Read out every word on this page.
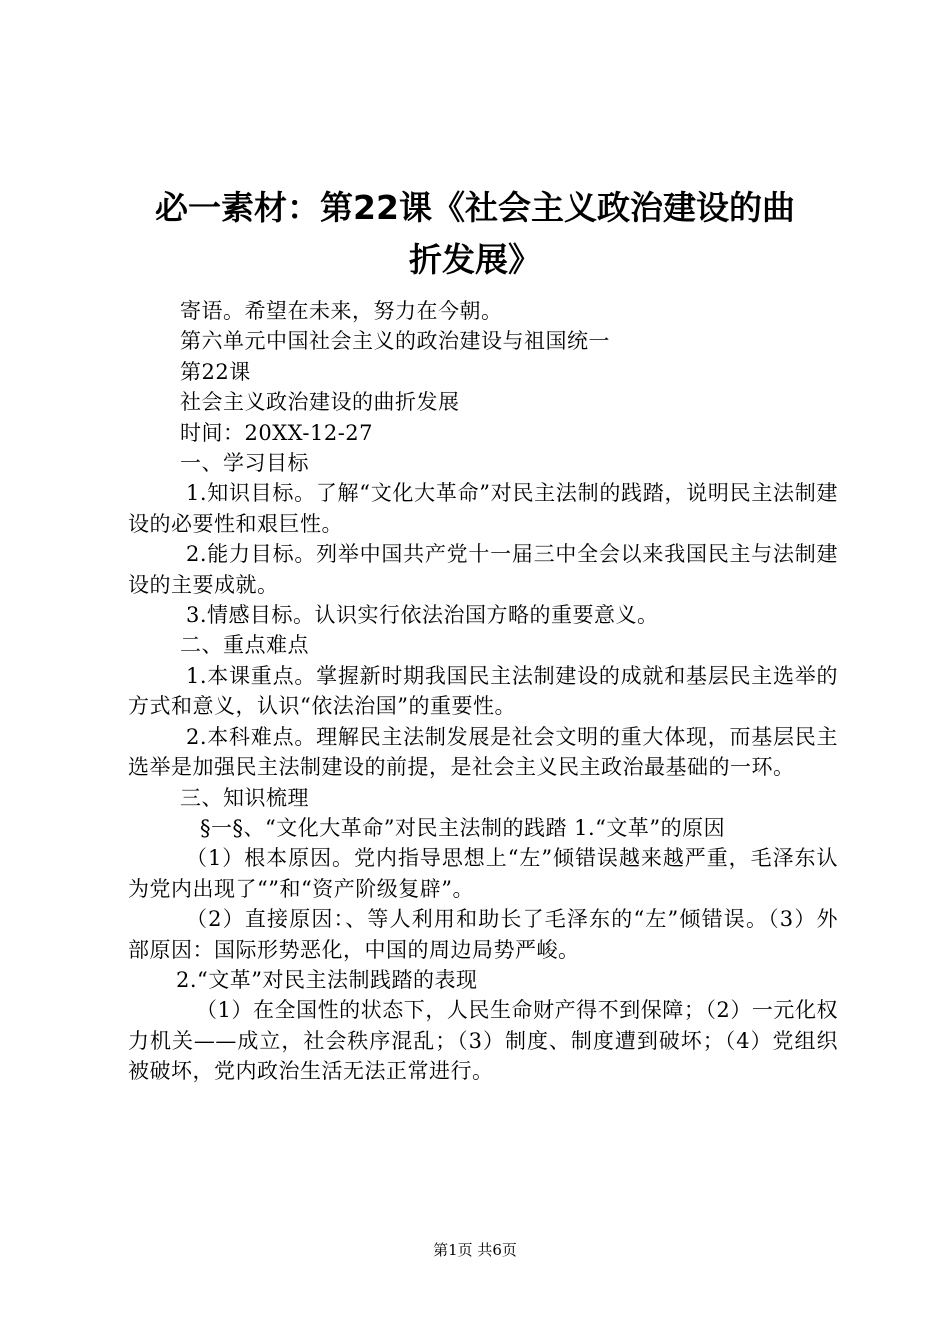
必一素材：第22课《社会主义政治建设的曲
折发展》

寄语。希望在未来，努力在今朝。

第六单元中国社会主义的政治建设与祖国统一

第22课

社会主义政治建设的曲折发展

时间：20XX-12-27

一、学习目标

1.知识目标。了解“文化大革命”对民主法制的践踏，说明民主法制建设的必要性和艰巨性。

2.能力目标。列举中国共产党十一届三中全会以来我国民主与法制建设的主要成就。

3.情感目标。认识实行依法治国方略的重要意义。

二、重点难点

1.本课重点。掌握新时期我国民主法制建设的成就和基层民主选举的方式和意义，认识“依法治国”的重要性。

2.本科难点。理解民主法制发展是社会文明的重大体现，而基层民主选举是加强民主法制建设的前提，是社会主义民主政治最基础的一环。

三、知识梳理

§一§、“文化大革命”对民主法制的践踏 1.“文革”的原因

（1）根本原因。党内指导思想上“左”倾错误越来越严重，毛泽东认为党内出现了“”和“资产阶级复辟”。

（2）直接原因：、等人利用和助长了毛泽东的“左”倾错误。（3）外部原因：国际形势恶化，中国的周边局势严峻。

2.“文革”对民主法制践踏的表现

（1）在全国性的状态下，人民生命财产得不到保障；（2）一元化权力机关——成立，社会秩序混乱；（3）制度、制度遭到破坏；（4）党组织被破坏，党内政治生活无法正常进行。

第1页 共6页
